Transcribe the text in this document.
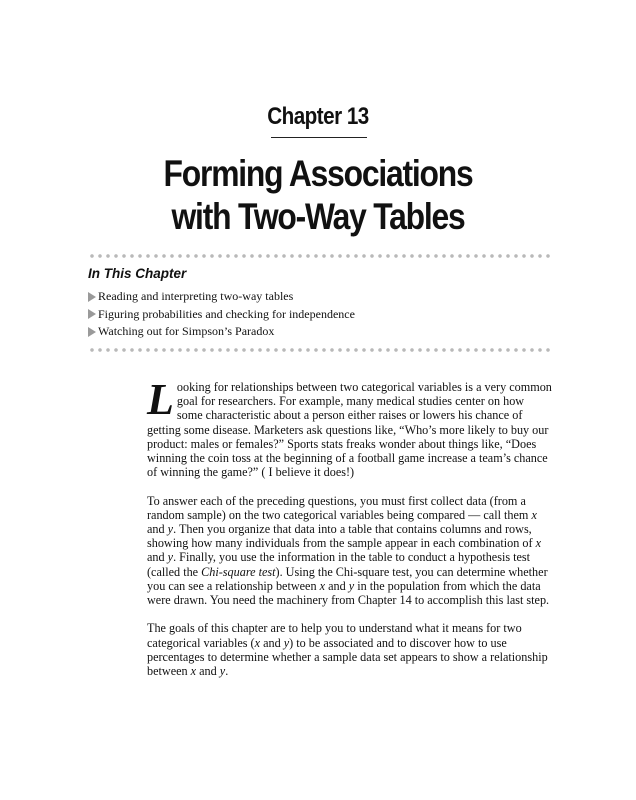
Chapter 13
Forming Associations
with Two-Way Tables
In This Chapter
Reading and interpreting two-way tables
Figuring probabilities and checking for independence
Watching out for Simpson’s Paradox

Looking for relationships between two categorical variables is a very common goal for researchers. For example, many medical studies center on how some characteristic about a person either raises or lowers his chance of getting some disease. Marketers ask questions like, “Who’s more likely to buy our product: males or females?” Sports stats freaks wonder about things like, “Does winning the coin toss at the beginning of a football game increase a team’s chance of winning the game?” ( I believe it does!)

To answer each of the preceding questions, you must first collect data (from a random sample) on the two categorical variables being compared — call them x and y. Then you organize that data into a table that contains columns and rows, showing how many individuals from the sample appear in each combination of x and y. Finally, you use the information in the table to conduct a hypothesis test (called the Chi-square test). Using the Chi-square test, you can determine whether you can see a relationship between x and y in the population from which the data were drawn. You need the machinery from Chapter 14 to accomplish this last step.

The goals of this chapter are to help you to understand what it means for two categorical variables (x and y) to be associated and to discover how to use percentages to determine whether a sample data set appears to show a relationship between x and y.
